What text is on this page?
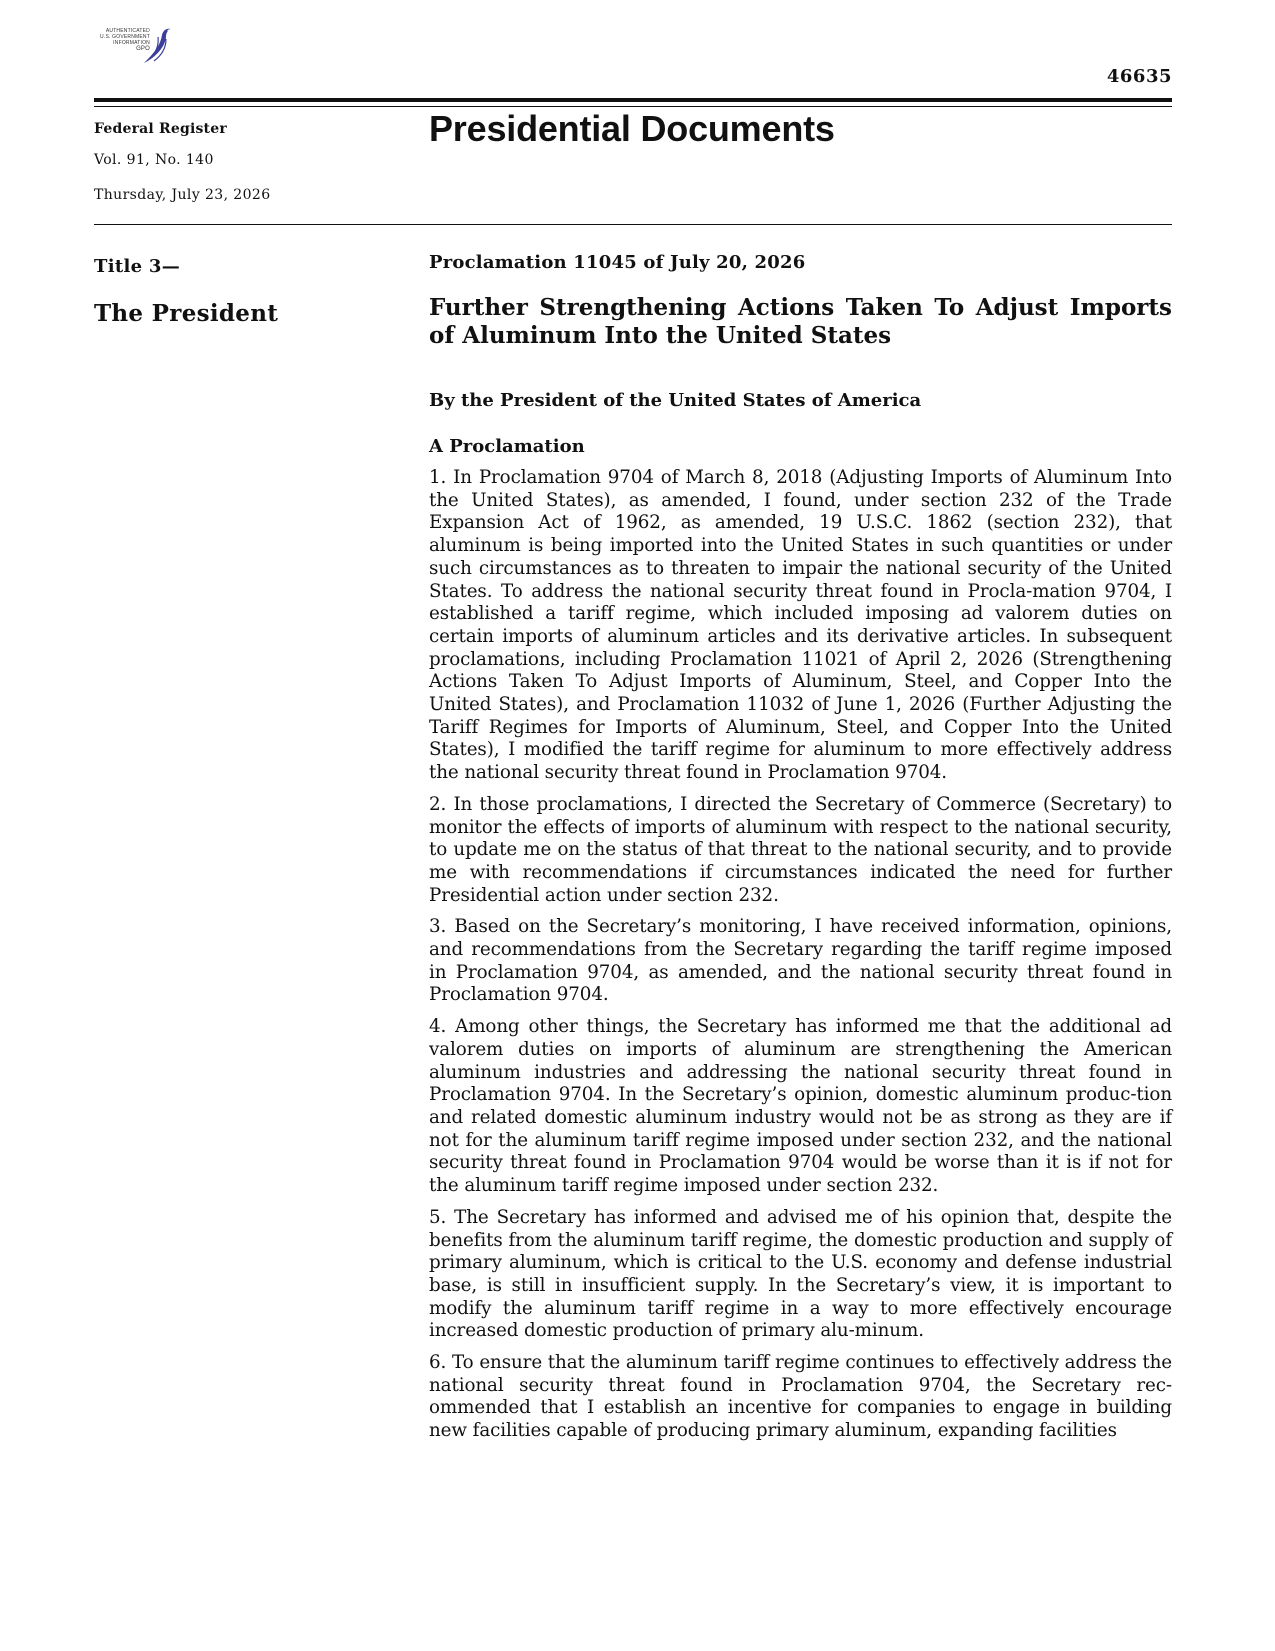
AUTHENTICATED
U.S. GOVERNMENT
INFORMATION
GPO
46635
Federal Register
Vol. 91, No. 140
Thursday, July 23, 2026
Presidential Documents
Title 3—
The President
Proclamation 11045 of July 20, 2026
Further Strengthening Actions Taken To Adjust Imports of Aluminum Into the United States
By the President of the United States of America
A Proclamation

1. In Proclamation 9704 of March 8, 2018 (Adjusting Imports of Aluminum Into the United States), as amended, I found, under section 232 of the Trade Expansion Act of 1962, as amended, 19 U.S.C. 1862 (section 232), that aluminum is being imported into the United States in such quantities or under such circumstances as to threaten to impair the national security of the United States. To address the national security threat found in Procla-mation 9704, I established a tariff regime, which included imposing ad valorem duties on certain imports of aluminum articles and its derivative articles. In subsequent proclamations, including Proclamation 11021 of April 2, 2026 (Strengthening Actions Taken To Adjust Imports of Aluminum, Steel, and Copper Into the United States), and Proclamation 11032 of June 1, 2026 (Further Adjusting the Tariff Regimes for Imports of Aluminum, Steel, and Copper Into the United States), I modified the tariff regime for aluminum to more effectively address the national security threat found in Proclamation 9704.

2. In those proclamations, I directed the Secretary of Commerce (Secretary) to monitor the effects of imports of aluminum with respect to the national security, to update me on the status of that threat to the national security, and to provide me with recommendations if circumstances indicated the need for further Presidential action under section 232.

3. Based on the Secretary’s monitoring, I have received information, opinions, and recommendations from the Secretary regarding the tariff regime imposed in Proclamation 9704, as amended, and the national security threat found in Proclamation 9704.

4. Among other things, the Secretary has informed me that the additional ad valorem duties on imports of aluminum are strengthening the American aluminum industries and addressing the national security threat found in Proclamation 9704. In the Secretary’s opinion, domestic aluminum produc-tion and related domestic aluminum industry would not be as strong as they are if not for the aluminum tariff regime imposed under section 232, and the national security threat found in Proclamation 9704 would be worse than it is if not for the aluminum tariff regime imposed under section 232.

5. The Secretary has informed and advised me of his opinion that, despite the benefits from the aluminum tariff regime, the domestic production and supply of primary aluminum, which is critical to the U.S. economy and defense industrial base, is still in insufficient supply. In the Secretary’s view, it is important to modify the aluminum tariff regime in a way to more effectively encourage increased domestic production of primary alu-minum.

6. To ensure that the aluminum tariff regime continues to effectively address the national security threat found in Proclamation 9704, the Secretary rec-ommended that I establish an incentive for companies to engage in building new facilities capable of producing primary aluminum, expanding facilities
